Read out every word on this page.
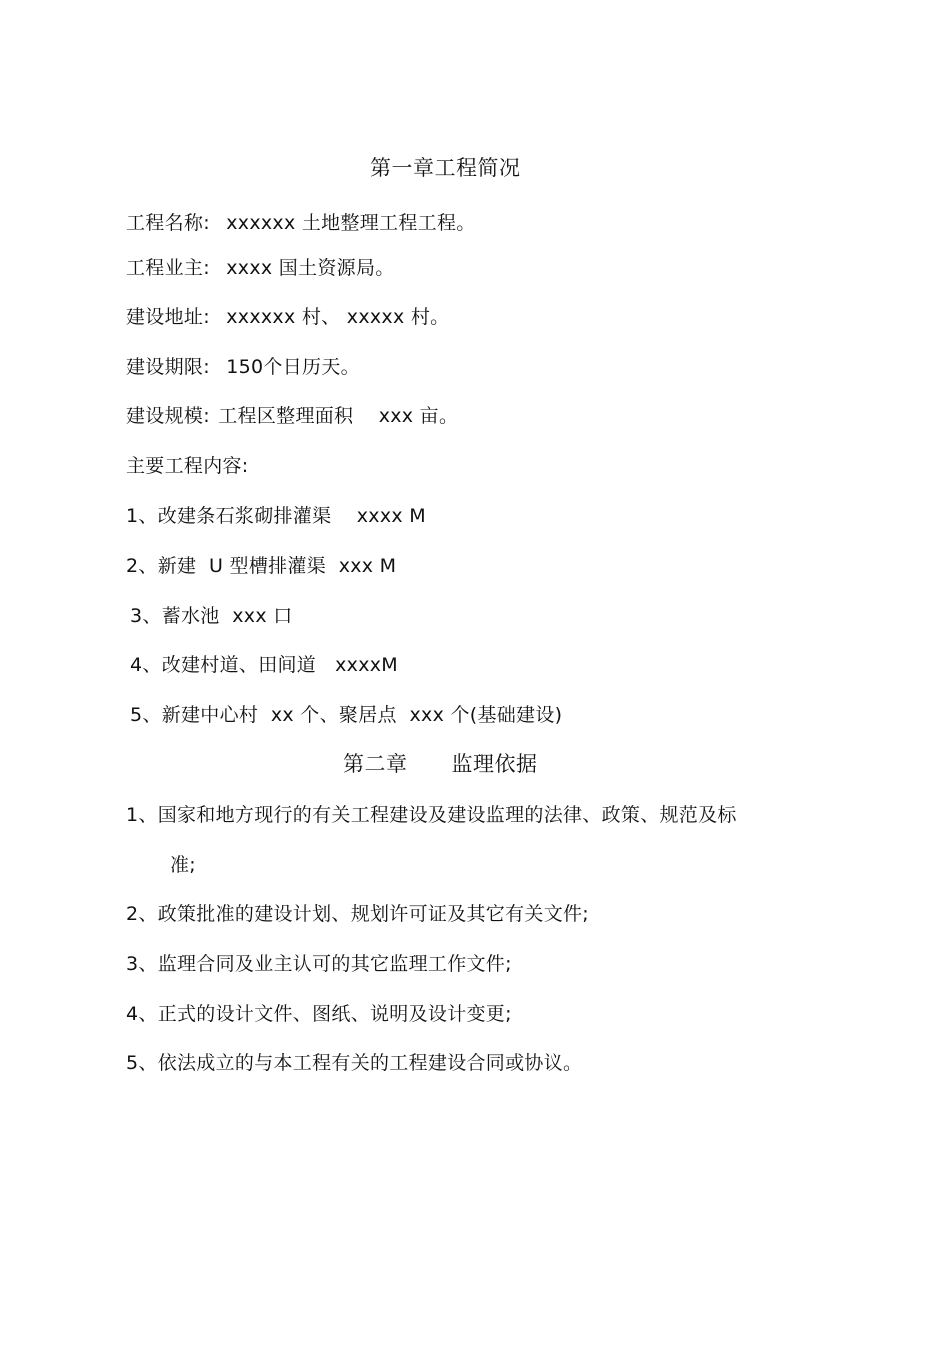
第一章工程简况
工程名称: xxxxxx 土地整理工程工程。
工程业主: xxxx 国土资源局。
建设地址: xxxxxx 村、 xxxxx 村。
建设期限: 150个日历天。
建设规模: 工程区整理面积    xxx 亩。
主要工程内容:
1、改建条石浆砌排灌渠    xxxx M
2、新建  U 型槽排灌渠  xxx M
3、蓄水池  xxx 口
4、改建村道、田间道   xxxxM
5、新建中心村  xx 个、聚居点  xxx 个(基础建设)
第二章 监理依据
1、国家和地方现行的有关工程建设及建设监理的法律、政策、规范及标
准;
2、政策批准的建设计划、规划许可证及其它有关文件;
3、监理合同及业主认可的其它监理工作文件;
4、正式的设计文件、图纸、说明及设计变更;
5、依法成立的与本工程有关的工程建设合同或协议。
